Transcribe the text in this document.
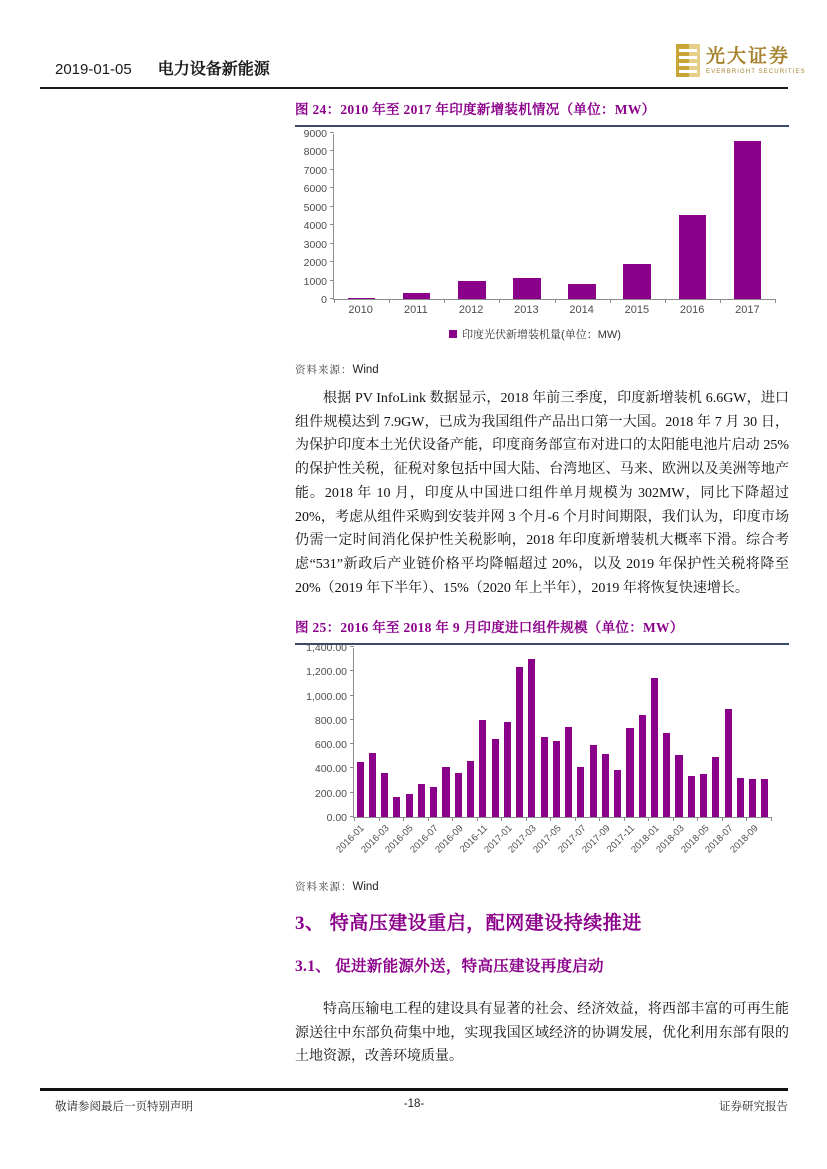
2019-01-05 电力设备新能源
光大证券
EVERBRIGHT SECURITIES
图 24：2010 年至 2017 年印度新增装机情况（单位：MW）
0
1000
2000
3000
4000
5000
6000
7000
8000
9000
2010	2011	2012	2013	2014	2015	2016	2017
印度光伏新增装机量(单位：MW)
资料来源：Wind

根据 PV InfoLink 数据显示，2018 年前三季度，印度新增装机 6.6GW，进口组件规模达到 7.9GW，已成为我国组件产品出口第一大国。2018 年 7 月 30 日，为保护印度本土光伏设备产能，印度商务部宣布对进口的太阳能电池片启动 25%的保护性关税，征税对象包括中国大陆、台湾地区、马来、欧洲以及美洲等地产能。2018 年 10 月，印度从中国进口组件单月规模为 302MW，同比下降超过 20%，考虑从组件采购到安装并网 3 个月-6 个月时间期限，我们认为，印度市场仍需一定时间消化保护性关税影响，2018 年印度新增装机大概率下滑。综合考虑“531”新政后产业链价格平均降幅超过 20%，以及 2019 年保护性关税将降至 20%（2019 年下半年）、15%（2020 年上半年），2019 年将恢复快速增长。

图 25：2016 年至 2018 年 9 月印度进口组件规模（单位：MW）
0.00
200.00
400.00
600.00
800.00
1,000.00
1,200.00
1,400.00
2016-01
2016-03
2016-05
2016-07
2016-09
2016-11
2017-01
2017-03
2017-05
2017-07
2017-09
2017-11
2018-01
2018-03
2018-05
2018-07
2018-09
资料来源：Wind
3、 特高压建设重启，配网建设持续推进
3.1、 促进新能源外送，特高压建设再度启动

特高压输电工程的建设具有显著的社会、经济效益，将西部丰富的可再生能源送往中东部负荷集中地，实现我国区域经济的协调发展，优化利用东部有限的土地资源，改善环境质量。

敬请参阅最后一页特别声明	-18-	证券研究报告
